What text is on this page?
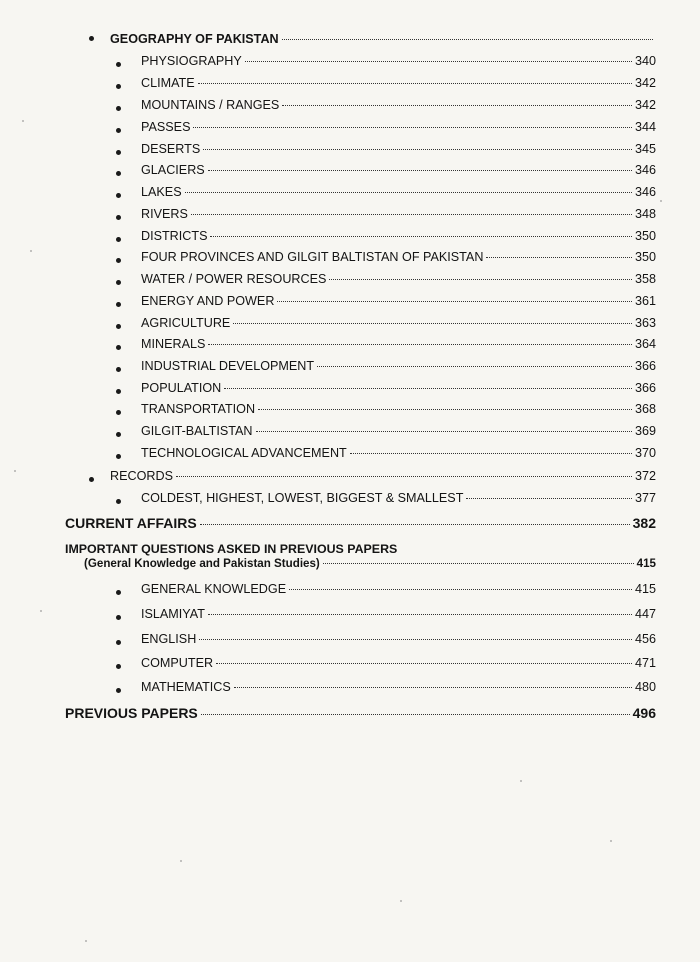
GEOGRAPHY OF PAKISTAN
PHYSIOGRAPHY	340
CLIMATE	342
MOUNTAINS / RANGES	342
PASSES	344
DESERTS	345
GLACIERS	346
LAKES	346
RIVERS	348
DISTRICTS	350
FOUR PROVINCES AND GILGIT BALTISTAN OF PAKISTAN	350
WATER / POWER RESOURCES	358
ENERGY AND POWER	361
AGRICULTURE	363
MINERALS	364
INDUSTRIAL DEVELOPMENT	366
POPULATION	366
TRANSPORTATION	368
GILGIT-BALTISTAN	369
TECHNOLOGICAL ADVANCEMENT	370
RECORDS	372
COLDEST, HIGHEST, LOWEST, BIGGEST & SMALLEST	377
CURRENT AFFAIRS	382
IMPORTANT QUESTIONS ASKED IN PREVIOUS PAPERS
(General Knowledge and Pakistan Studies)	415
GENERAL KNOWLEDGE	415
ISLAMIYAT	447
ENGLISH	456
COMPUTER	471
MATHEMATICS	480
PREVIOUS PAPERS	496
